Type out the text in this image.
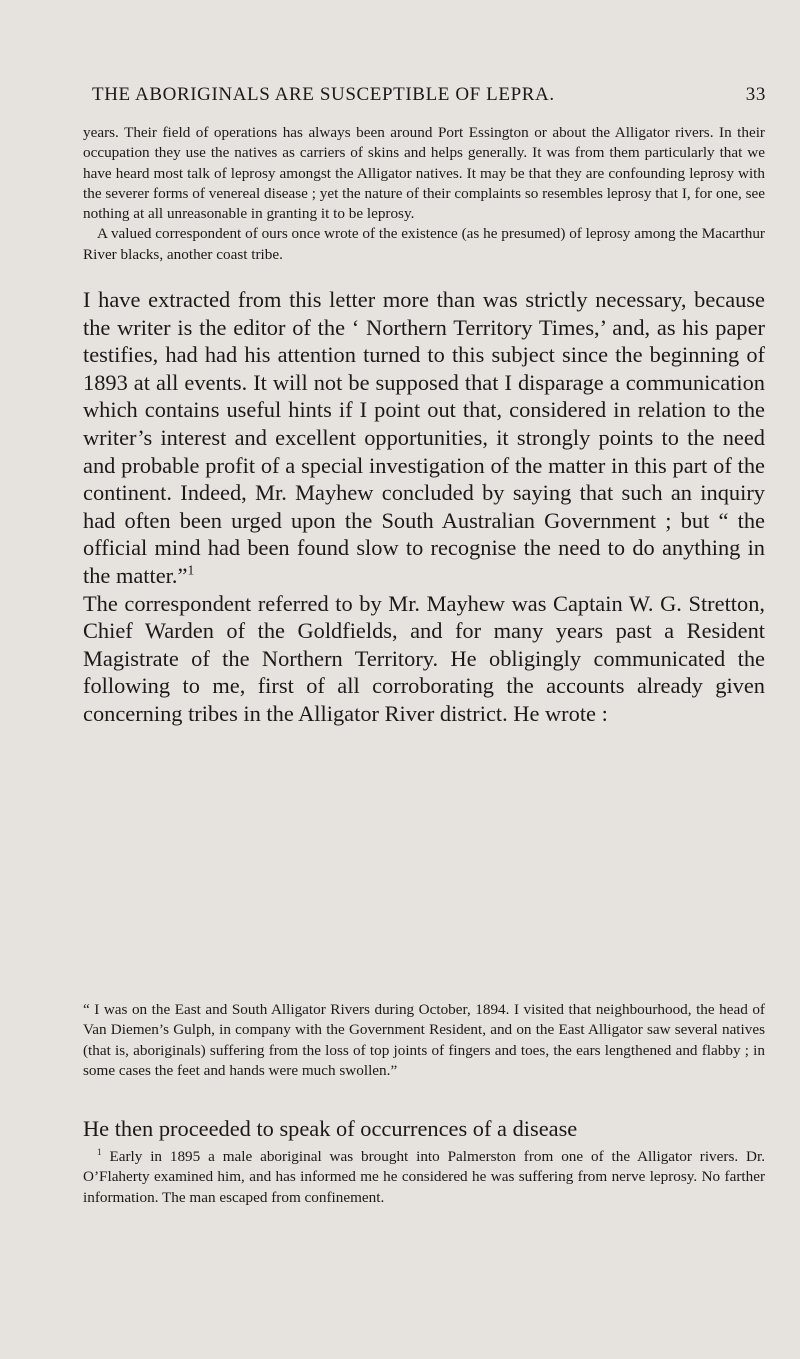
THE ABORIGINALS ARE SUSCEPTIBLE OF LEPRA.	33

years. Their field of operations has always been around Port Essington or about the Alligator rivers. In their occupation they use the natives as carriers of skins and helps generally. It was from them particularly that we have heard most talk of leprosy amongst the Alligator natives. It may be that they are confounding leprosy with the severer forms of venereal disease ; yet the nature of their complaints so resembles leprosy that I, for one, see nothing at all unreasonable in granting it to be leprosy.

A valued correspondent of ours once wrote of the existence (as he presumed) of leprosy among the Macarthur River blacks, another coast tribe.

I have extracted from this letter more than was strictly necessary, because the writer is the editor of the ‘ Northern Territory Times,’ and, as his paper testifies, had had his attention turned to this subject since the beginning of 1893 at all events. It will not be supposed that I disparage a communication which contains useful hints if I point out that, considered in relation to the writer’s interest and excellent opportunities, it strongly points to the need and probable profit of a special investigation of the matter in this part of the continent. Indeed, Mr. Mayhew concluded by saying that such an inquiry had often been urged upon the South Australian Government ; but “ the official mind had been found slow to recognise the need to do anything in the matter.”$^1$

The correspondent referred to by Mr. Mayhew was Captain W. G. Stretton, Chief Warden of the Goldfields, and for many years past a Resident Magistrate of the Northern Territory. He obligingly communicated the following to me, first of all corroborating the accounts already given concerning tribes in the Alligator River district. He wrote :

“ I was on the East and South Alligator Rivers during October, 1894. I visited that neighbourhood, the head of Van Diemen’s Gulph, in company with the Government Resident, and on the East Alligator saw several natives (that is, aboriginals) suffering from the loss of top joints of fingers and toes, the ears lengthened and flabby ; in some cases the feet and hands were much swollen.”

He then proceeded to speak of occurrences of a disease

$^1$ Early in 1895 a male aboriginal was brought into Palmerston from one of the Alligator rivers. Dr. O’Flaherty examined him, and has informed me he considered he was suffering from nerve leprosy. No farther information. The man escaped from confinement.
